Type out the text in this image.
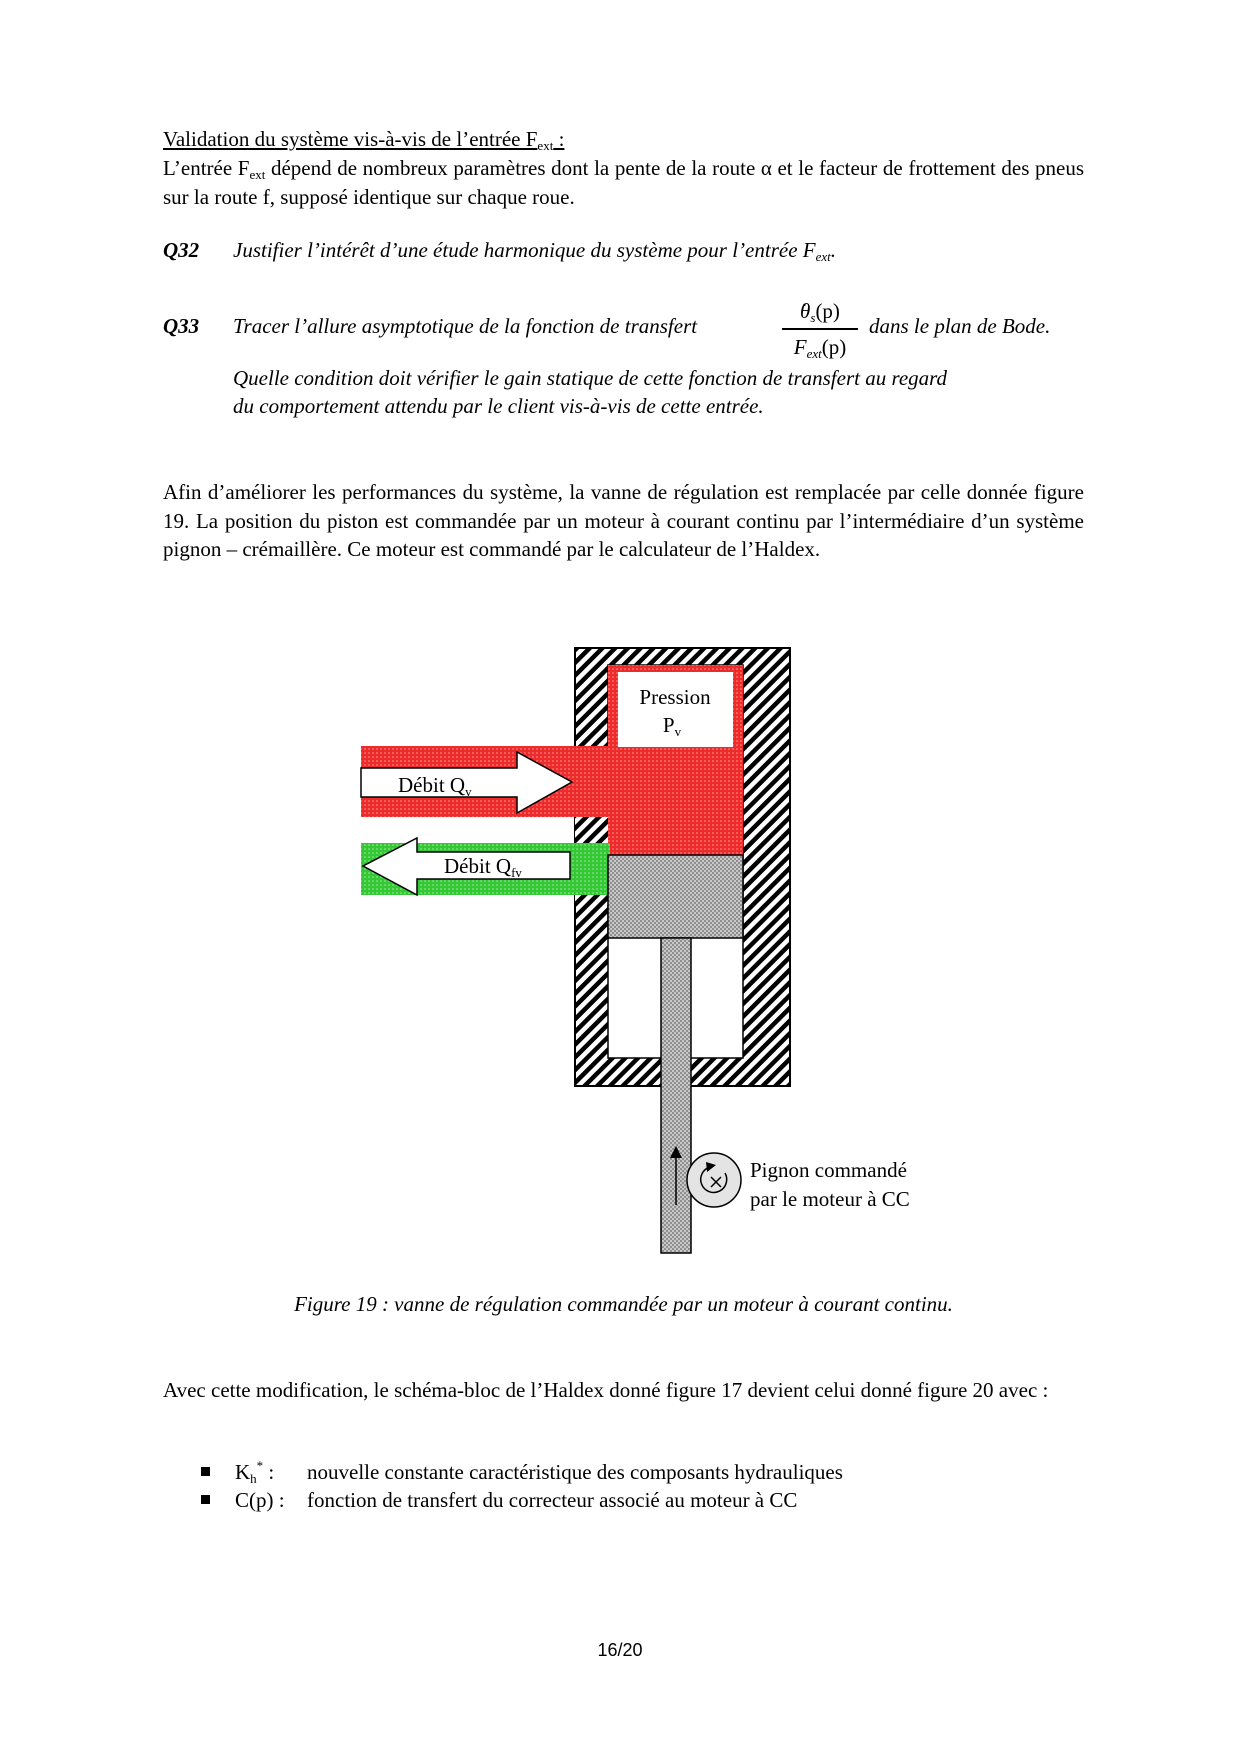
Validation du système vis-à-vis de l’entrée $F_{ext}$ :
L’entrée $F_{ext}$ dépend de nombreux paramètres dont la pente de la route α et le facteur de frottement des pneus sur la route f, supposé identique sur chaque roue.
Q32 Justifier l’intérêt d’une étude harmonique du système pour l’entrée $F_{ext}$.
Q33 Tracer l’allure asymptotique de la fonction de transfert
. $\theta_s(p)$
$F_{ext}(p)$
dans le plan de Bode.
Quelle condition doit vérifier le gain statique de cette fonction de transfert au regard
du comportement attendu par le client vis-à-vis de cette entrée.
Afin d’améliorer les performances du système, la vanne de régulation est remplacée par celle donnée figure 19. La position du piston est commandée par un moteur à courant continu par l’intermédiaire d’un système pignon – crémaillère. Ce moteur est commandé par le calculateur de l’Haldex.
Pression
Pv
Débit Qv
Débit Qfv
Pignon commandé
par le moteur à CC
Figure 19 : vanne de régulation commandée par un moteur à courant continu.
Avec cette modification, le schéma-bloc de l’Haldex donné figure 17 devient celui donné figure 20 avec :
$K_h^*$ : nouvelle constante caractéristique des composants hydrauliques
C(p) : fonction de transfert du correcteur associé au moteur à CC
16/20
